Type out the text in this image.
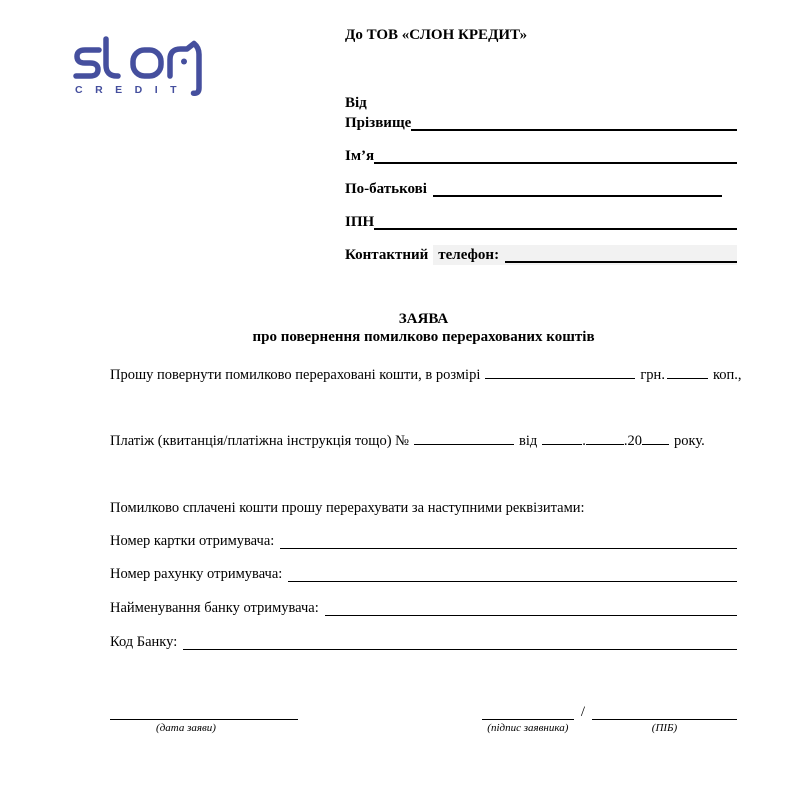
CREDIT
До ТОВ «СЛОН КРЕДИТ»
Від
Прізвище
Ім’я
По-батькові
ІПН
Контактний телефон:
ЗАЯВА
про повернення помилково перерахованих коштів
Прошу повернути помилково перераховані кошти, в розмірі	грн.	коп.,
Платіж (квитанція/платіжна інструкція тощо) №	від	.	.20 року.
Помилково сплачені кошти прошу перерахувати за наступними реквізитами:
Номер картки отримувача:
Номер рахунку отримувача:
Найменування банку отримувача:
Код Банку:
(дата заяви)	(підпис заявника)
/
(ПІБ)
